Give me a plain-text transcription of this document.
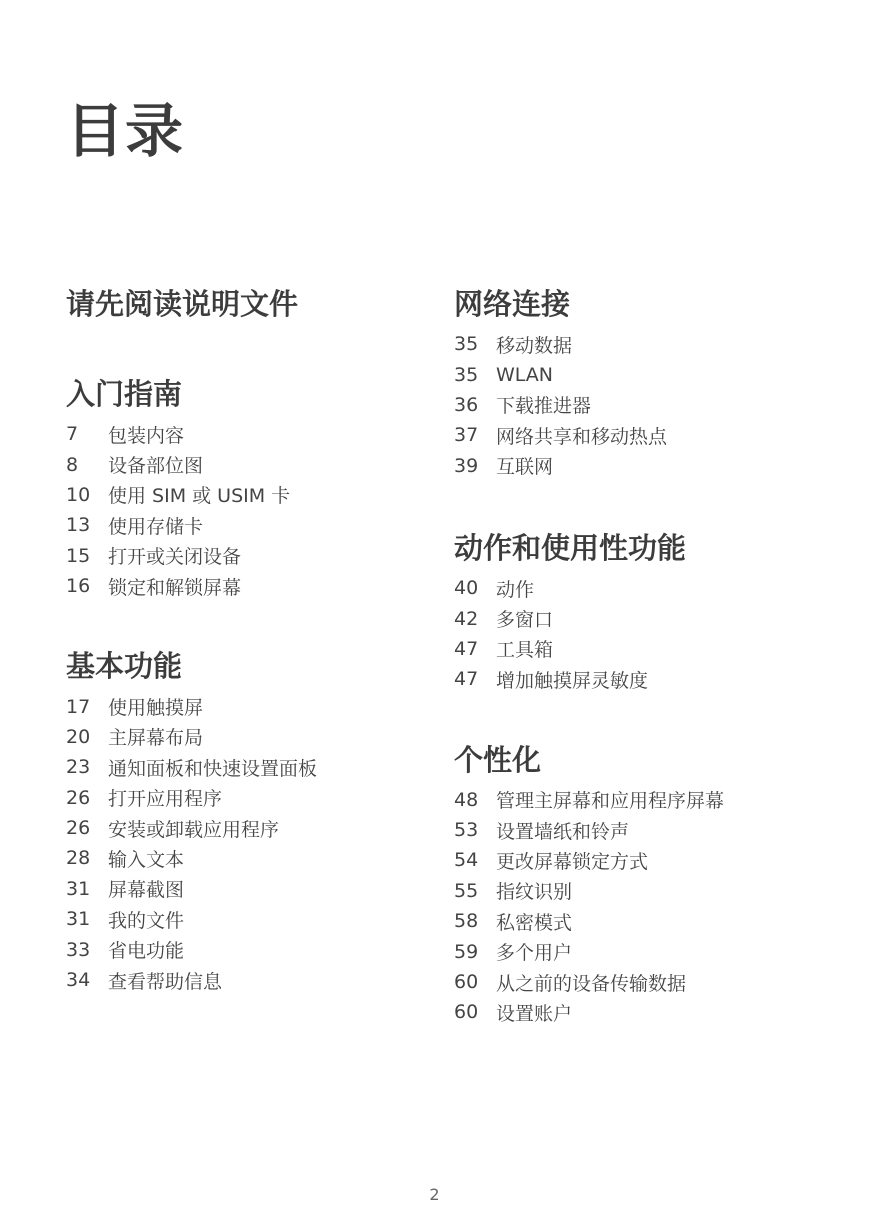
目录
请先阅读说明文件
入门指南
7	包装内容
8	设备部位图
10 使用 SIM 或 USIM 卡
13 使用存储卡
15 打开或关闭设备
16 锁定和解锁屏幕
基本功能
17 使用触摸屏
20 主屏幕布局
23 通知面板和快速设置面板
26 打开应用程序
26 安装或卸载应用程序
28 输入文本
31 屏幕截图
31 我的文件
33 省电功能
34 查看帮助信息
网络连接
35 移动数据
35 WLAN
36 下载推进器
37 网络共享和移动热点
39 互联网
动作和使用性功能
40 动作
42 多窗口
47 工具箱
47 增加触摸屏灵敏度
个性化
48 管理主屏幕和应用程序屏幕
53 设置墙纸和铃声
54 更改屏幕锁定方式
55 指纹识别
58 私密模式
59 多个用户
60 从之前的设备传输数据
60 设置账户
2
